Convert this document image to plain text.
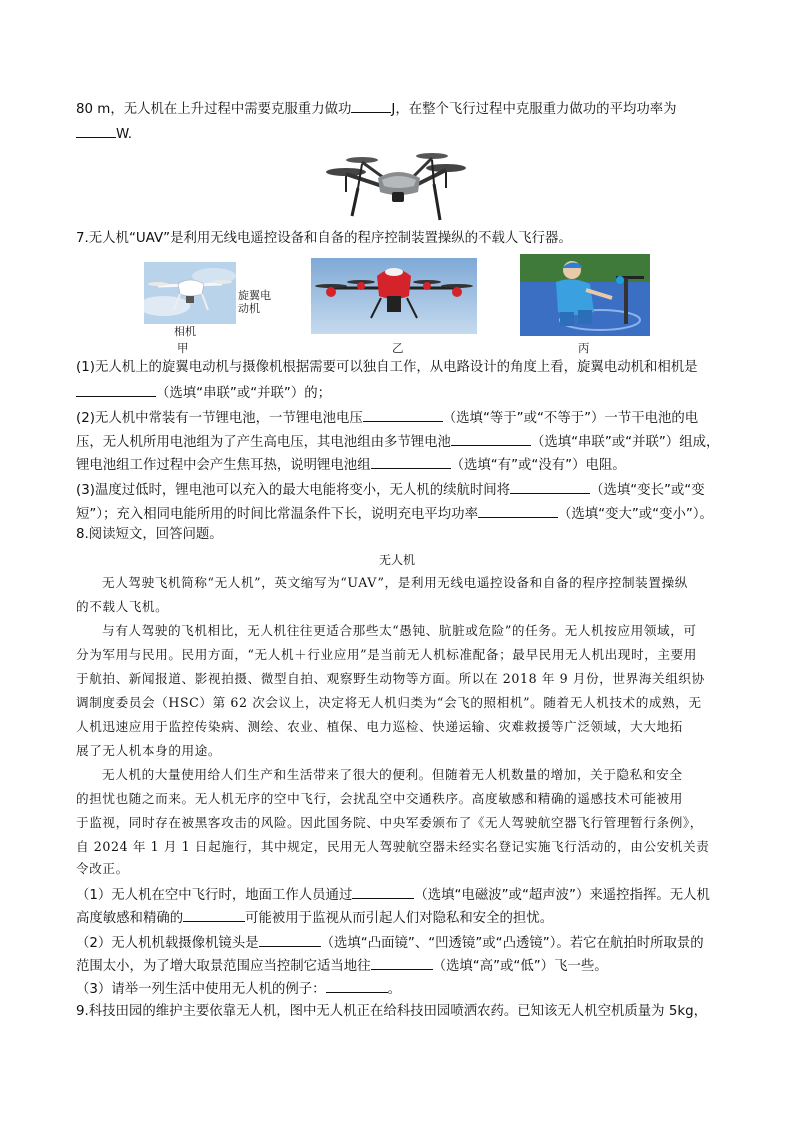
80 m，无人机在上升过程中需要克服重力做功	J，在整个飞行过程中克服重力做功的平均功率为
W.
7.无人机“UAV”是利用无线电遥控设备和自备的程序控制装置操纵的不载人飞行器。
旋翼电动机
相机
甲	乙	丙
(1)无人机上的旋翼电动机与摄像机根据需要可以独自工作，从电路设计的角度上看，旋翼电动机和相机是
（选填“串联”或“并联”）的；
(2)无人机中常装有一节锂电池，一节锂电池电压	（选填“等于”或“不等于”）一节干电池的电
压，无人机所用电池组为了产生高电压，其电池组由多节锂电池	（选填“串联”或“并联”）组成，
锂电池组工作过程中会产生焦耳热，说明锂电池组	（选填“有”或“没有”）电阻。
(3)温度过低时，锂电池可以充入的最大电能将变小，无人机的续航时间将	（选填“变长”或“变
短”）；充入相同电能所用的时间比常温条件下长，说明充电平均功率	（选填“变大”或“变小”）。
8.阅读短文，回答问题。
无人机
无人驾驶飞机简称“无人机”，英文缩写为“UAV”，是利用无线电遥控设备和自备的程序控制装置操纵
的不载人飞机。
与有人驾驶的飞机相比，无人机往往更适合那些太“愚钝、肮脏或危险”的任务。无人机按应用领域，可
分为军用与民用。民用方面，“无人机＋行业应用”是当前无人机标准配备；最早民用无人机出现时，主要用
于航拍、新闻报道、影视拍摄、微型自拍、观察野生动物等方面。所以在 2018 年 9 月份，世界海关组织协
调制度委员会（HSC）第 62 次会议上，决定将无人机归类为“会飞的照相机”。随着无人机技术的成熟，无
人机迅速应用于监控传染病、测绘、农业、植保、电力巡检、快递运输、灾难救援等广泛领域，大大地拓
展了无人机本身的用途。
无人机的大量使用给人们生产和生活带来了很大的便利。但随着无人机数量的增加，关于隐私和安全
的担忧也随之而来。无人机无序的空中飞行，会扰乱空中交通秩序。高度敏感和精确的遥感技术可能被用
于监视，同时存在被黑客攻击的风险。因此国务院、中央军委颁布了《无人驾驶航空器飞行管理暂行条例》，
自 2024 年 1 月 1 日起施行，其中规定，民用无人驾驶航空器未经实名登记实施飞行活动的，由公安机关责
令改正。
（1）无人机在空中飞行时，地面工作人员通过	（选填“电磁波”或“超声波”）来遥控指挥。无人机
高度敏感和精确的	可能被用于监视从而引起人们对隐私和安全的担忧。
（2）无人机机载摄像机镜头是	（选填“凸面镜”、“凹透镜”或“凸透镜”）。若它在航拍时所取景的
范围太小，为了增大取景范围应当控制它适当地往	（选填“高”或“低”）飞一些。
（3）请举一列生活中使用无人机的例子：	。
9.科技田园的维护主要依靠无人机，图中无人机正在给科技田园喷洒农药。已知该无人机空机质量为 5kg，
